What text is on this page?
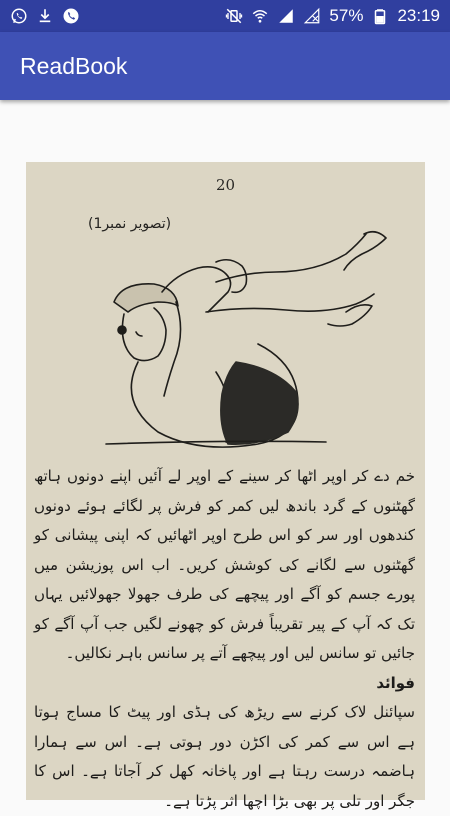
57% 23:19
ReadBook
20
(تصویر نمبر1)

خم دے کر اوپر اٹھا کر سینے کے اوپر لے آئیں اپنے دونوں ہاتھ گھٹنوں کے گرد باندھ لیں کمر کو فرش پر لگائے ہوئے دونوں کندھوں اور سر کو اس طرح اوپر اٹھائیں کہ اپنی پیشانی کو گھٹنوں سے لگانے کی کوشش کریں۔ اب اس پوزیشن میں پورے جسم کو آگے اور پیچھے کی طرف جھولا جھولائیں یہاں تک کہ آپ کے پیر تقریباً فرش کو چھونے لگیں جب آپ آگے کو جائیں تو سانس لیں اور پیچھے آتے پر سانس باہر نکالیں۔

فوائد

سپائنل لاک کرنے سے ریڑھ کی ہڈی اور پیٹ کا مساج ہوتا ہے اس سے کمر کی اکڑن دور ہوتی ہے۔ اس سے ہمارا ہاضمہ درست رہتا ہے اور پاخانہ کھل کر آجاتا ہے۔ اس کا جگر اور تلی پر بھی بڑا اچھا اثر پڑتا ہے۔
